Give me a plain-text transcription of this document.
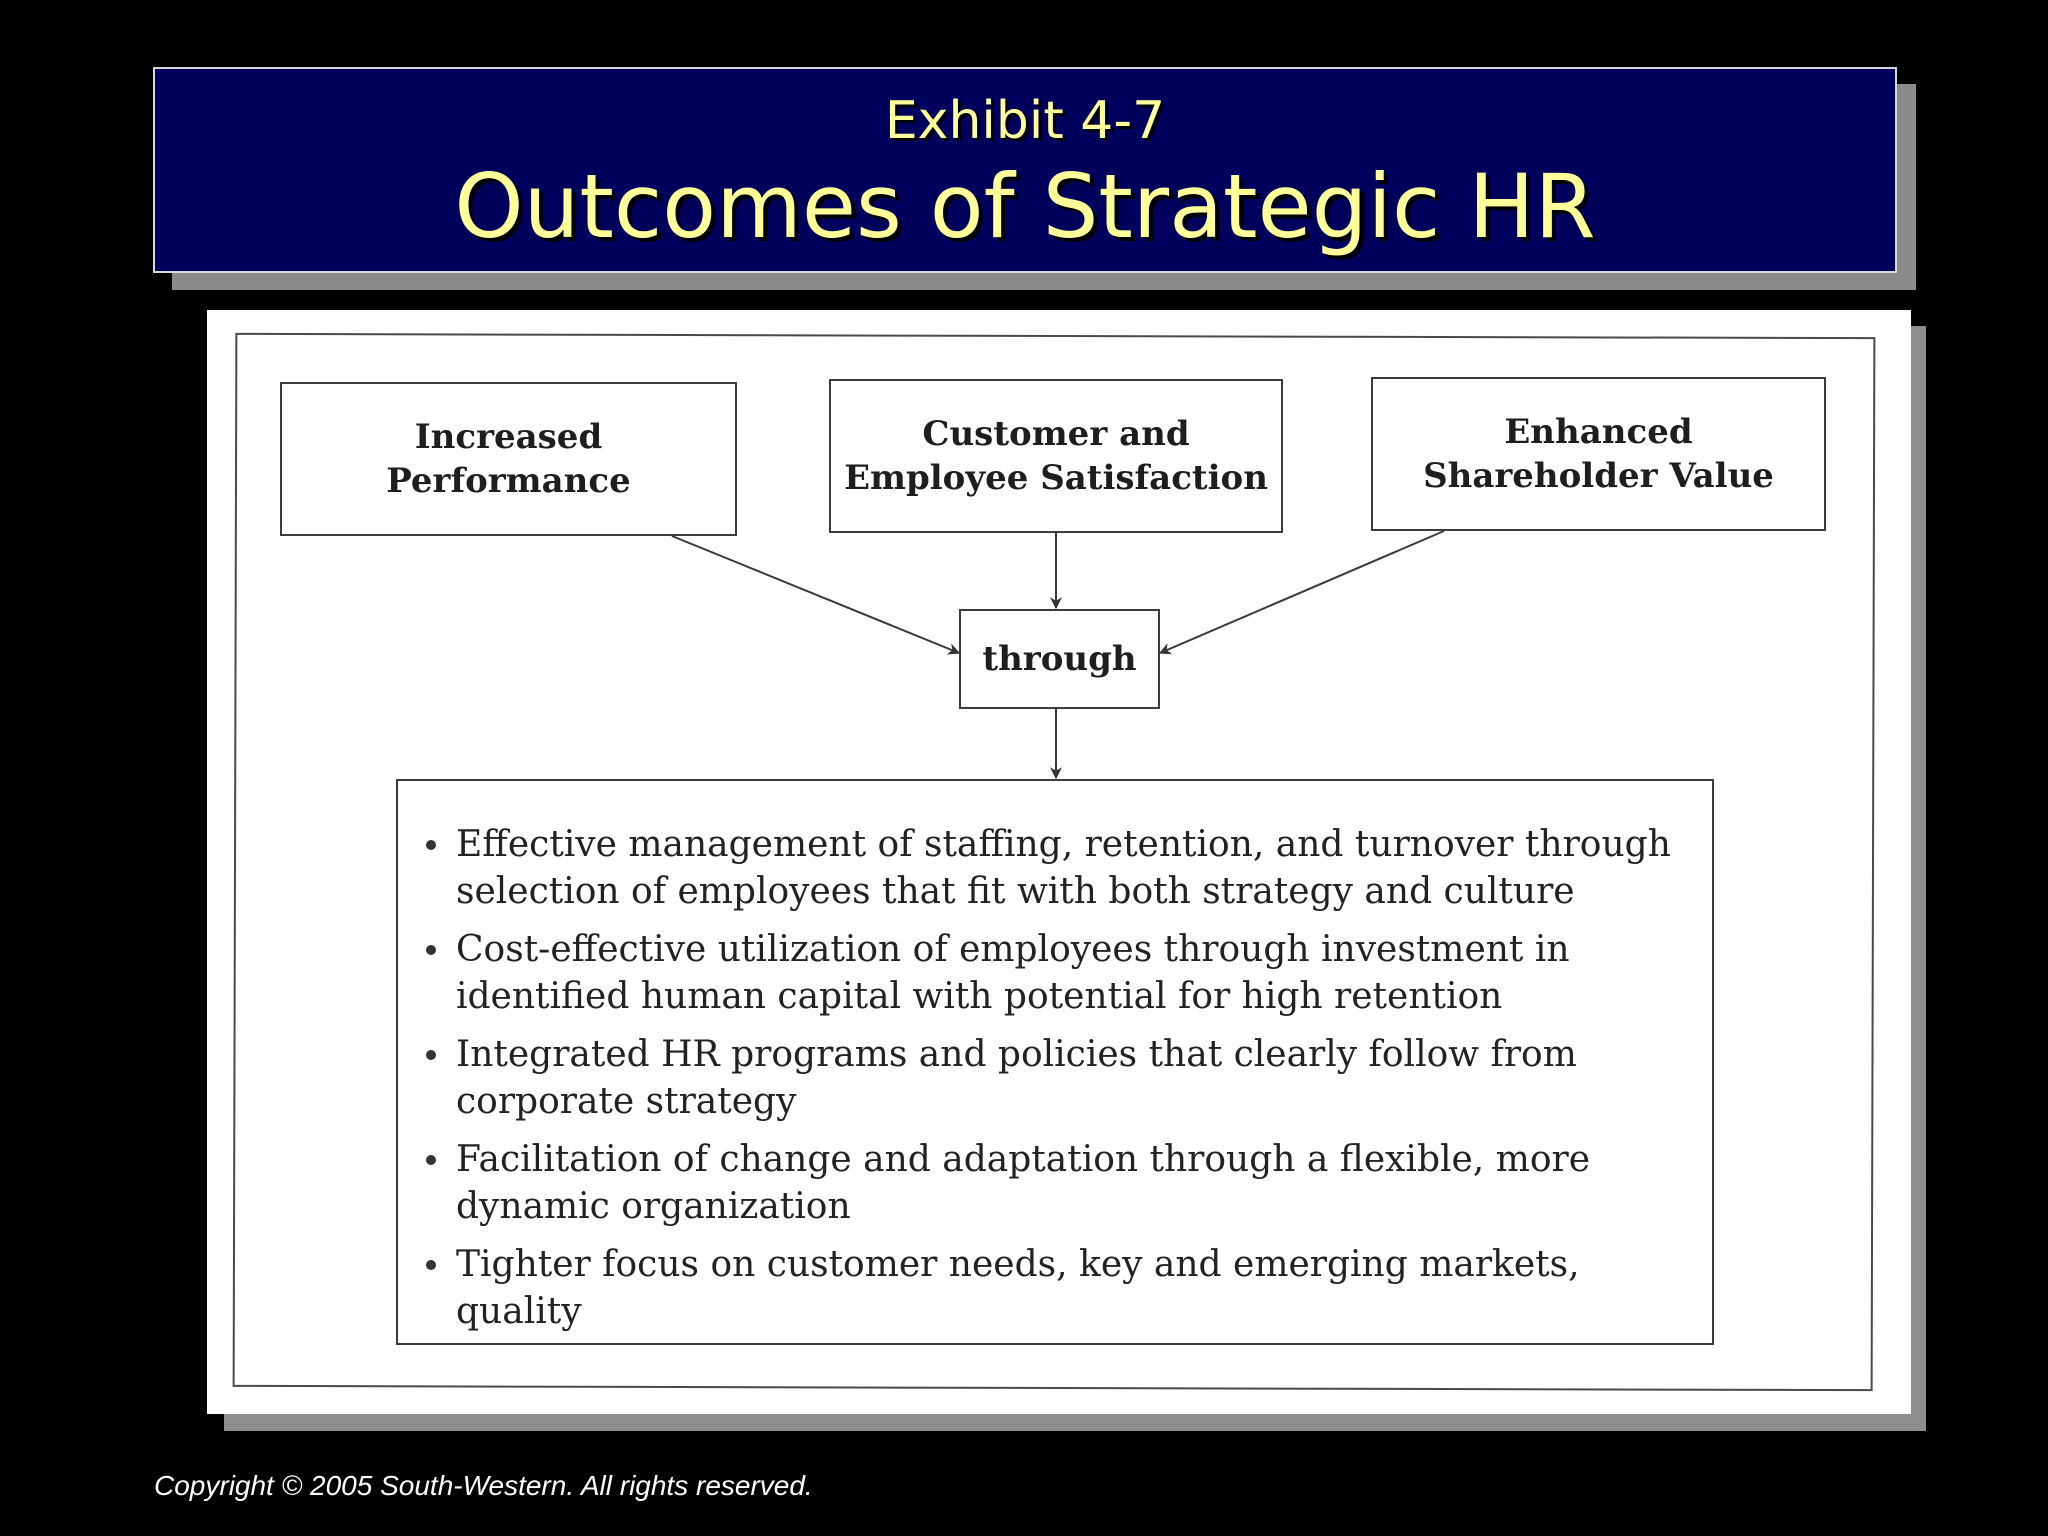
Exhibit 4-7
Outcomes of Strategic HR
Increased
Performance
Customer and
Employee Satisfaction
Enhanced
Shareholder Value
through
Effective management of staffing, retention, and turnover through selection of employees that fit with both strategy and culture
Cost-effective utilization of employees through investment in identified human capital with potential for high retention
Integrated HR programs and policies that clearly follow from corporate strategy
Facilitation of change and adaptation through a flexible, more dynamic organization
Tighter focus on customer needs, key and emerging markets, quality
Copyright © 2005 South-Western. All rights reserved.
